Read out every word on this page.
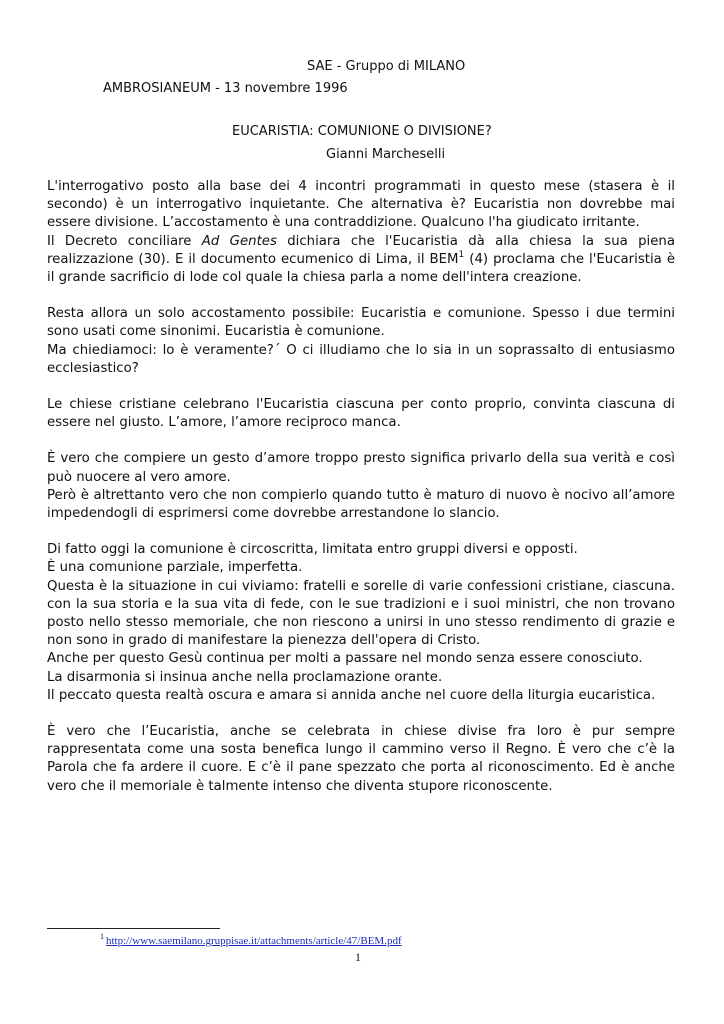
SAE - Gruppo di MILANO
AMBROSIANEUM - 13 novembre 1996
EUCARISTIA: COMUNIONE O DIVISIONE?
Gianni Marcheselli

L'interrogativo posto alla base dei 4 incontri programmati in questo mese (stasera è il secondo) è un interrogativo inquietante. Che alternativa è? Eucaristia non dovrebbe mai essere divisione. L’accostamento è una contraddizione. Qualcuno l'ha giudicato irritante.
Il Decreto conciliare Ad Gentes dichiara che l'Eucaristia dà alla chiesa la sua piena realizzazione (30). E il documento ecumenico di Lima, il BEM$^1$ (4) proclama che l'Eucaristia è il grande sacrificio di lode col quale la chiesa parla a nome dell'intera creazione.

Resta allora un solo accostamento possibile: Eucaristia e comunione. Spesso i due termini sono usati come sinonimi. Eucaristia è comunione.
Ma chiediamoci: lo è veramente?´ O ci illudiamo che lo sia in un soprassalto di entusiasmo ecclesiastico?

Le chiese cristiane celebrano l'Eucaristia ciascuna per conto proprio, convinta ciascuna di essere nel giusto. L’amore, l’amore reciproco manca.

È vero che compiere un gesto d’amore troppo presto significa privarlo della sua verità e così può nuocere al vero amore.
Però è altrettanto vero che non compierlo quando tutto è maturo di nuovo è nocivo all’amore impedendogli di esprimersi come dovrebbe arrestandone lo slancio.

Di fatto oggi la comunione è circoscritta, limitata entro gruppi diversi e opposti.
È una comunione parziale, imperfetta.
Questa è la situazione in cui viviamo: fratelli e sorelle di varie confessioni cristiane, ciascuna. con la sua storia e la sua vita di fede, con le sue tradizioni e i suoi ministri, che non trovano posto nello stesso memoriale, che non riescono a unirsi in uno stesso rendimento di grazie e non sono in grado di manifestare la pienezza dell'opera di Cristo.
Anche per questo Gesù continua per molti a passare nel mondo senza essere conosciuto.
La disarmonia si insinua anche nella proclamazione orante.
Il peccato questa realtà oscura e amara si annida anche nel cuore della liturgia eucaristica.

È vero che l’Eucaristia, anche se celebrata in chiese divise fra loro è pur sempre rappresentata come una sosta benefica lungo il cammino verso il Regno. È vero che c’è la Parola che fa ardere il cuore. E c’è il pane spezzato che porta al riconoscimento. Ed è anche vero che il memoriale è talmente intenso che diventa stupore riconoscente.

$^1$ http://www.saemilano.gruppisae.it/attachments/article/47/BEM.pdf
1
